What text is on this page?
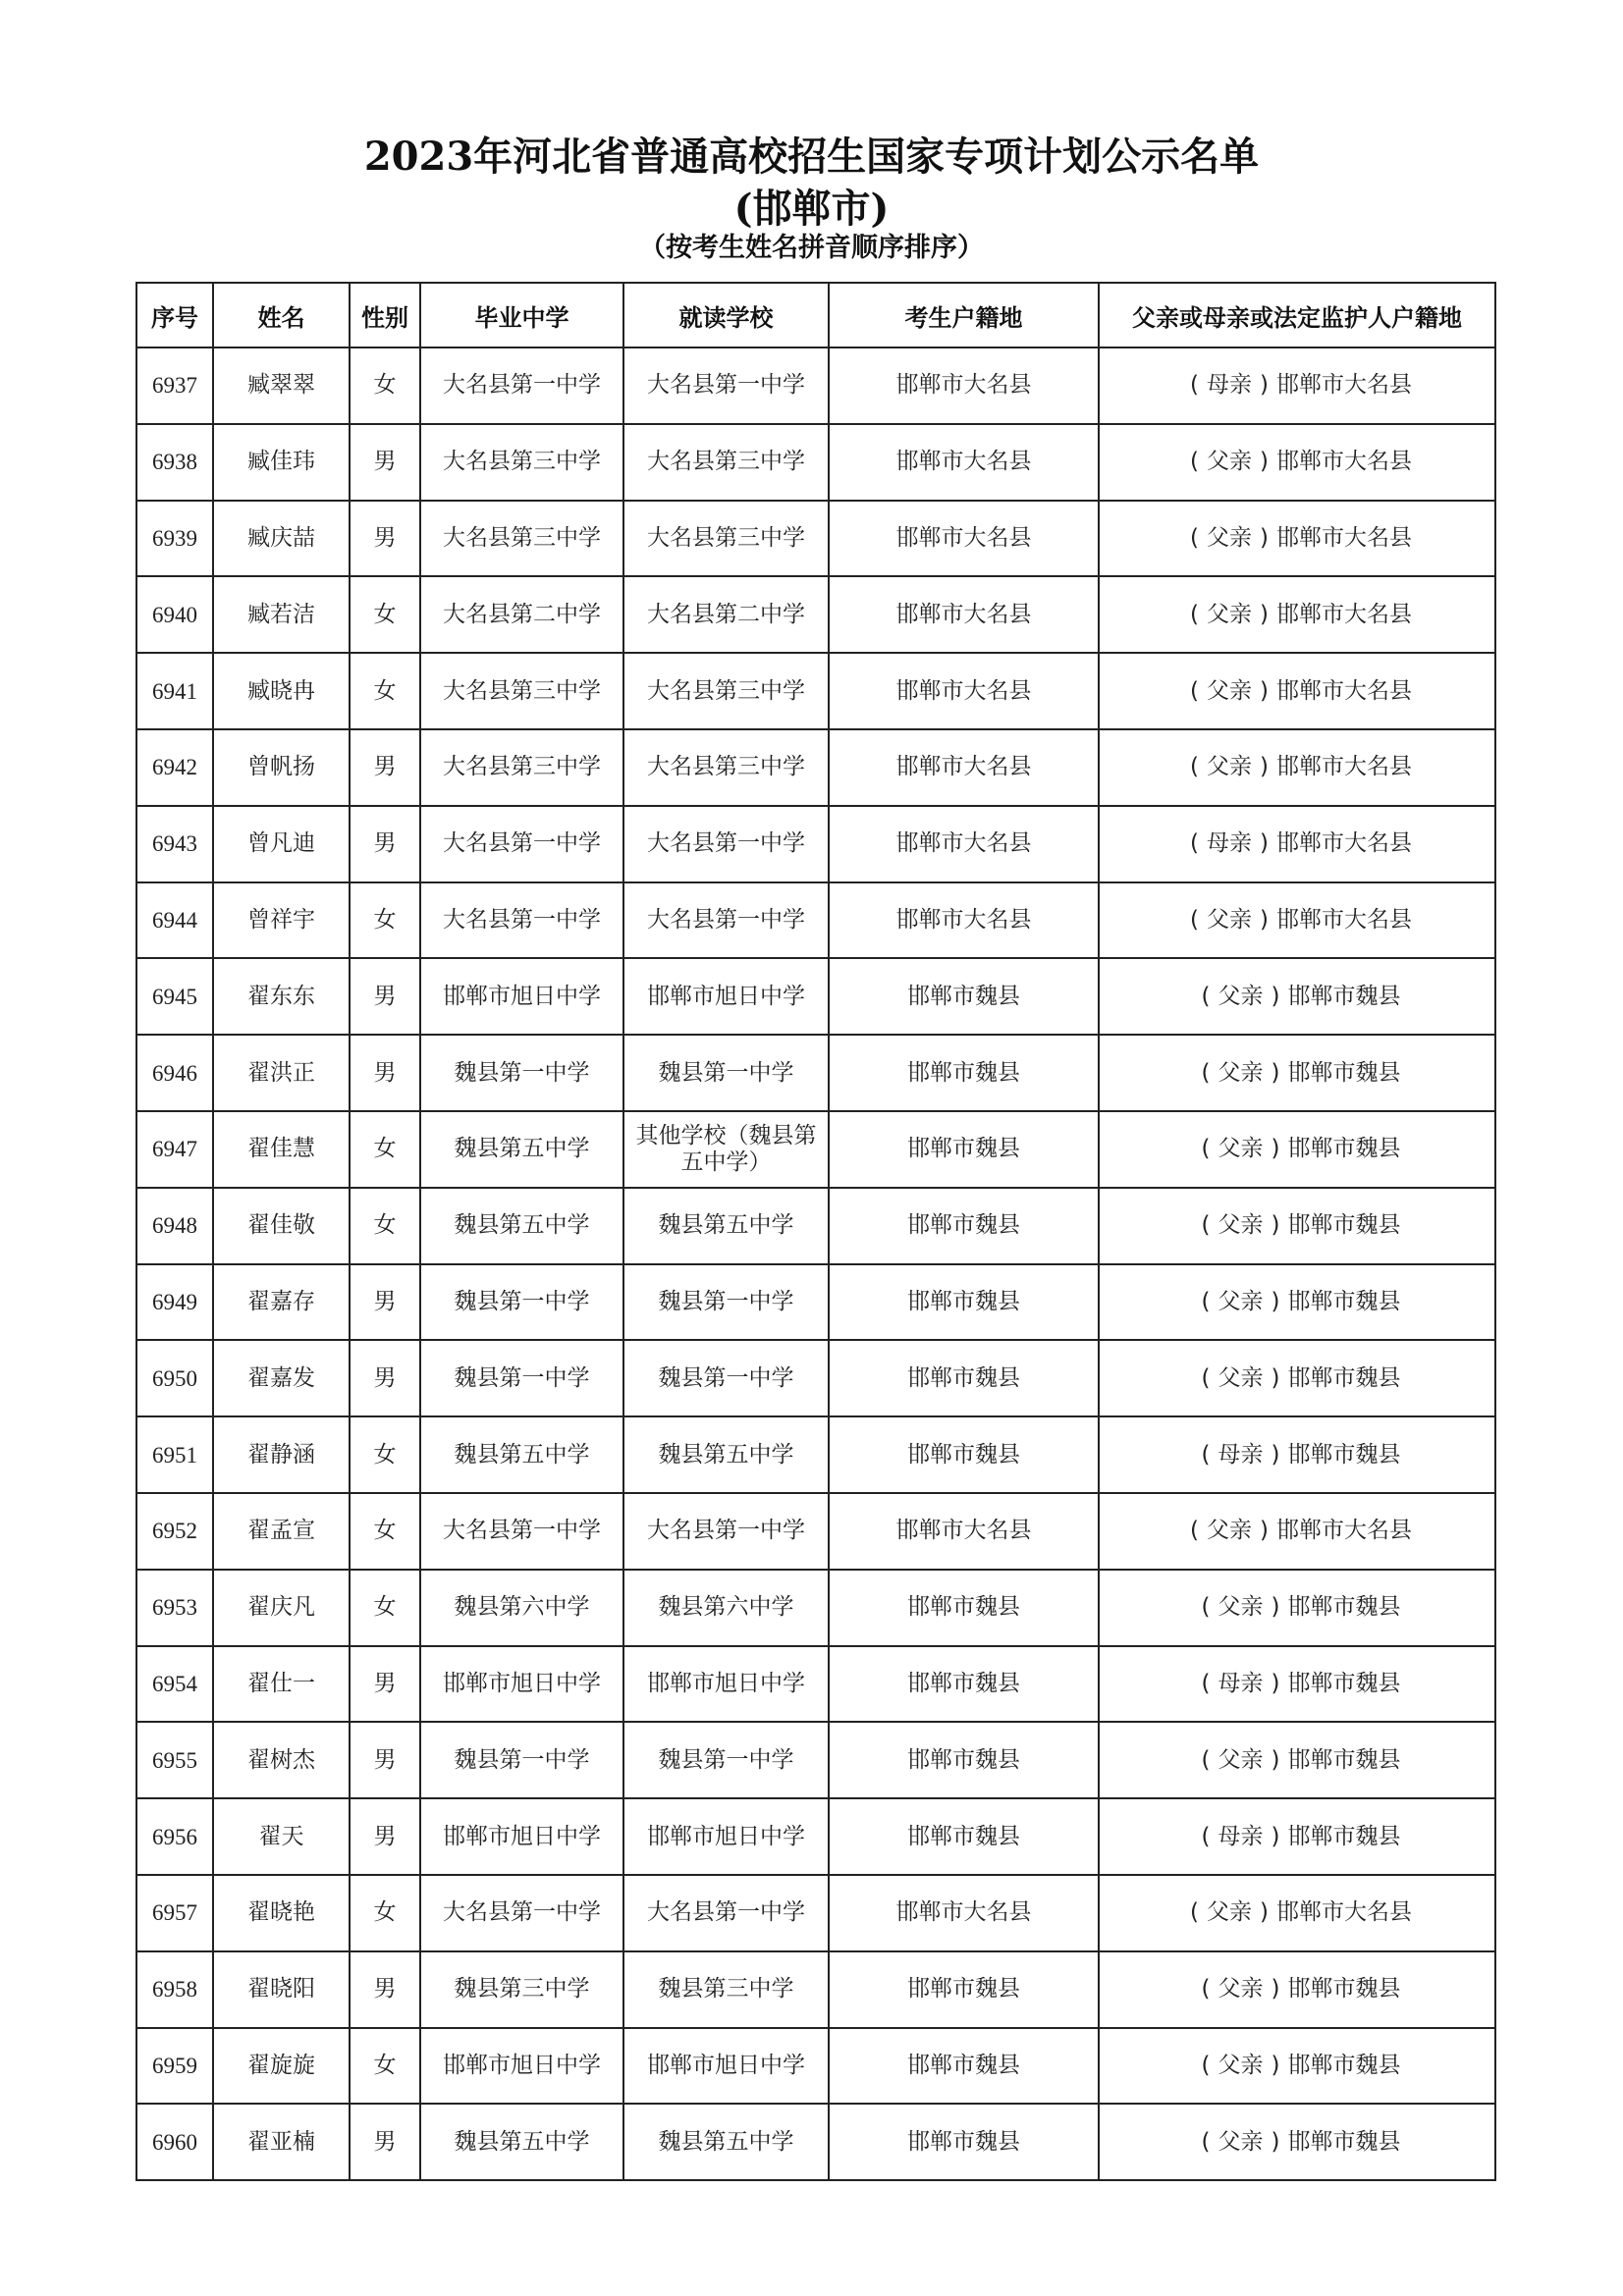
2023年河北省普通高校招生国家专项计划公示名单
(邯郸市)
（按考生姓名拼音顺序排序）
序号	姓名	性别	毕业中学	就读学校	考生户籍地	父亲或母亲或法定监护人户籍地
6937	臧翠翠	女	大名县第一中学	大名县第一中学	邯郸市大名县	( 母亲 ) 邯郸市大名县
6938	臧佳玮	男	大名县第三中学	大名县第三中学	邯郸市大名县	( 父亲 ) 邯郸市大名县
6939	臧庆喆	男	大名县第三中学	大名县第三中学	邯郸市大名县	( 父亲 ) 邯郸市大名县
6940	臧若洁	女	大名县第二中学	大名县第二中学	邯郸市大名县	( 父亲 ) 邯郸市大名县
6941	臧晓冉	女	大名县第三中学	大名县第三中学	邯郸市大名县	( 父亲 ) 邯郸市大名县
6942	曾帆扬	男	大名县第三中学	大名县第三中学	邯郸市大名县	( 父亲 ) 邯郸市大名县
6943	曾凡迪	男	大名县第一中学	大名县第一中学	邯郸市大名县	( 母亲 ) 邯郸市大名县
6944	曾祥宇	女	大名县第一中学	大名县第一中学	邯郸市大名县	( 父亲 ) 邯郸市大名县
6945	翟东东	男	邯郸市旭日中学	邯郸市旭日中学	邯郸市魏县	( 父亲 ) 邯郸市魏县
6946	翟洪正	男	魏县第一中学	魏县第一中学	邯郸市魏县	( 父亲 ) 邯郸市魏县
6947	翟佳慧	女	魏县第五中学	其他学校（魏县第五中学）	邯郸市魏县	( 父亲 ) 邯郸市魏县
6948	翟佳敬	女	魏县第五中学	魏县第五中学	邯郸市魏县	( 父亲 ) 邯郸市魏县
6949	翟嘉存	男	魏县第一中学	魏县第一中学	邯郸市魏县	( 父亲 ) 邯郸市魏县
6950	翟嘉发	男	魏县第一中学	魏县第一中学	邯郸市魏县	( 父亲 ) 邯郸市魏县
6951	翟静涵	女	魏县第五中学	魏县第五中学	邯郸市魏县	( 母亲 ) 邯郸市魏县
6952	翟孟宣	女	大名县第一中学	大名县第一中学	邯郸市大名县	( 父亲 ) 邯郸市大名县
6953	翟庆凡	女	魏县第六中学	魏县第六中学	邯郸市魏县	( 父亲 ) 邯郸市魏县
6954	翟仕一	男	邯郸市旭日中学	邯郸市旭日中学	邯郸市魏县	( 母亲 ) 邯郸市魏县
6955	翟树杰	男	魏县第一中学	魏县第一中学	邯郸市魏县	( 父亲 ) 邯郸市魏县
6956	翟天	男	邯郸市旭日中学	邯郸市旭日中学	邯郸市魏县	( 母亲 ) 邯郸市魏县
6957	翟晓艳	女	大名县第一中学	大名县第一中学	邯郸市大名县	( 父亲 ) 邯郸市大名县
6958	翟晓阳	男	魏县第三中学	魏县第三中学	邯郸市魏县	( 父亲 ) 邯郸市魏县
6959	翟旋旋	女	邯郸市旭日中学	邯郸市旭日中学	邯郸市魏县	( 父亲 ) 邯郸市魏县
6960	翟亚楠	男	魏县第五中学	魏县第五中学	邯郸市魏县	( 父亲 ) 邯郸市魏县
